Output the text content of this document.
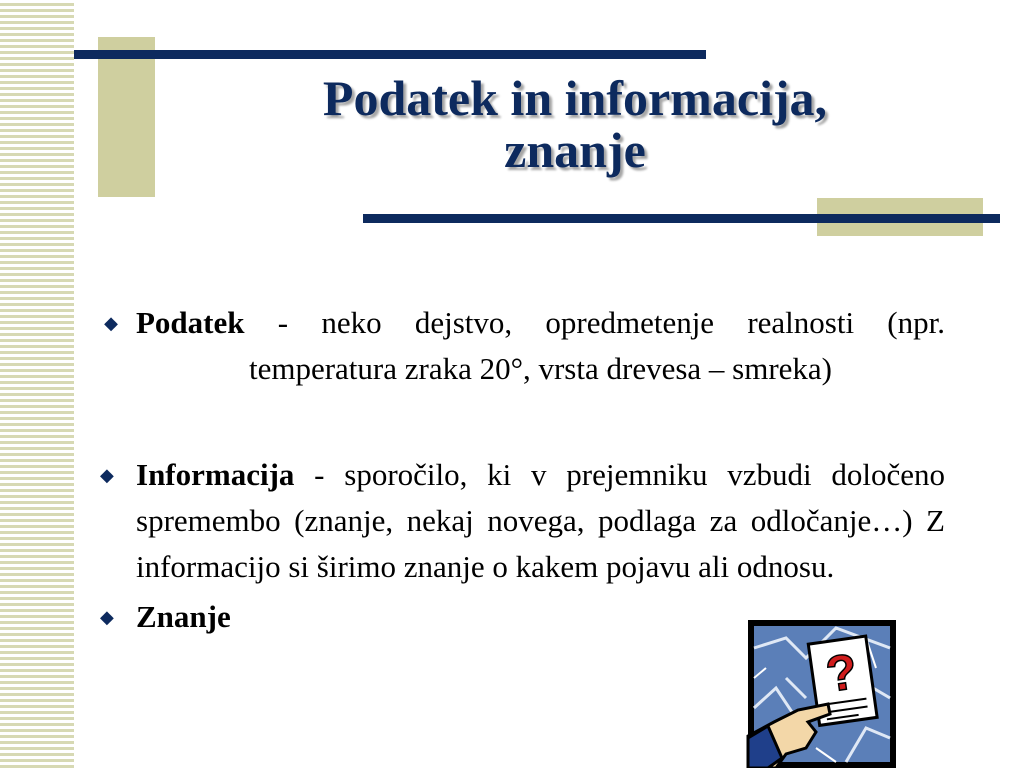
Podatek in informacija,
znanje
◆ Podatek - neko dejstvo, opredmetenje realnosti (npr. temperatura zraka 20°, vrsta drevesa – smreka)
◆ Informacija - sporočilo, ki v prejemniku vzbudi določeno spremembo (znanje, nekaj novega, podlaga za odločanje…) Z informacijo si širimo znanje o kakem pojavu ali odnosu.
◆ Znanje
?
